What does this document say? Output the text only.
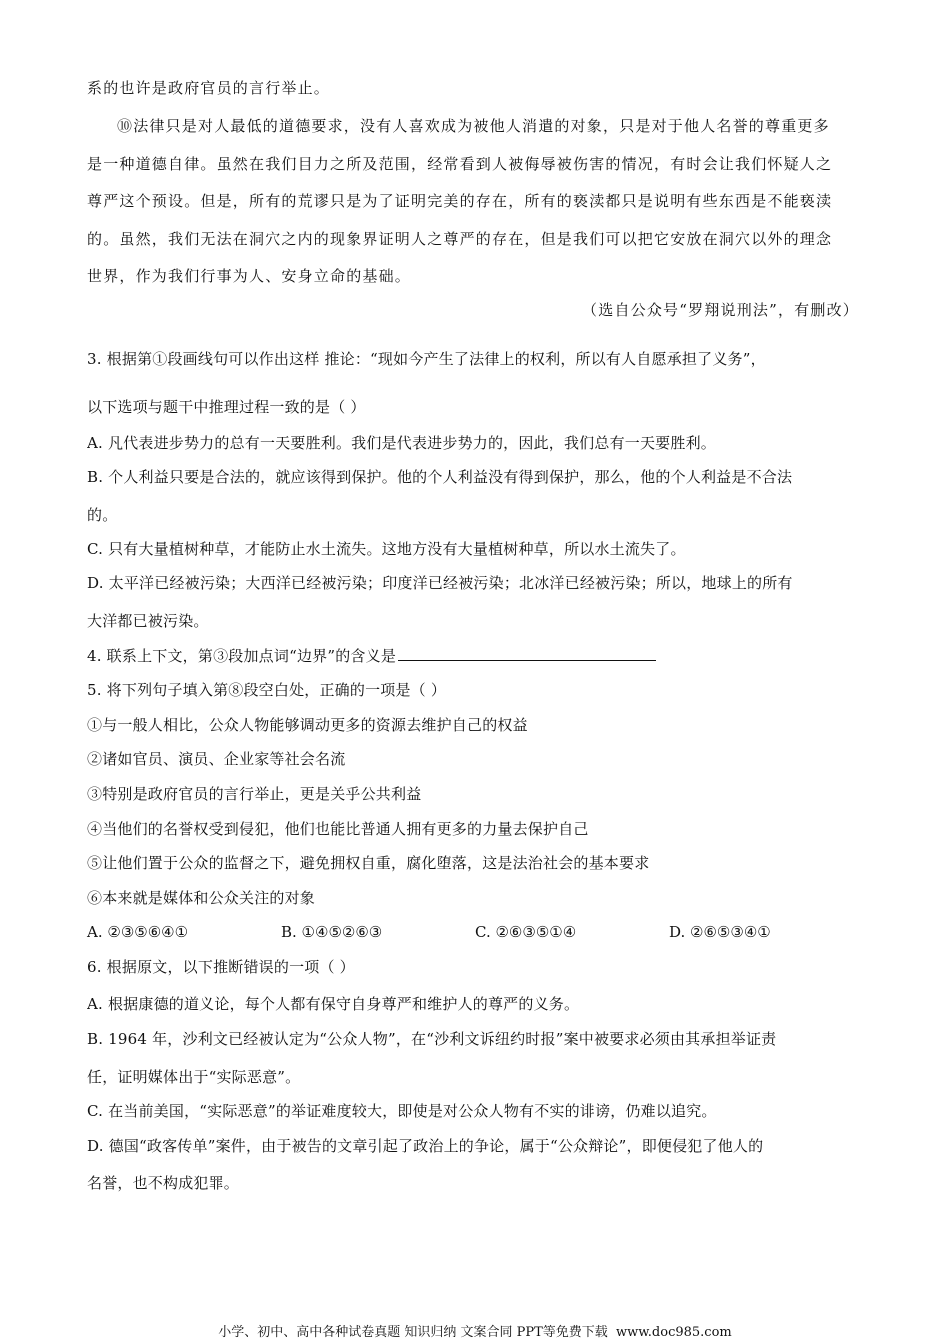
系的也许是政府官员的言行举止。
⑩法律只是对人最低的道德要求，没有人喜欢成为被他人消遣的对象，只是对于他人名誉的尊重更多
是一种道德自律。虽然在我们目力之所及范围，经常看到人被侮辱被伤害的情况，有时会让我们怀疑人之
尊严这个预设。但是，所有的荒谬只是为了证明完美的存在，所有的亵渎都只是说明有些东西是不能亵渎
的。虽然，我们无法在洞穴之内的现象界证明人之尊严的存在，但是我们可以把它安放在洞穴以外的理念
世界，作为我们行事为人、安身立命的基础。
（选自公众号“罗翔说刑法”，有删改）
3. 根据第①段画线句可以作出这样 推论：“现如今产生了法律上的权利，所以有人自愿承担了义务”，
以下选项与题干中推理过程一致的是（ ）
A. 凡代表进步势力的总有一天要胜利。我们是代表进步势力的，因此，我们总有一天要胜利。
B. 个人利益只要是合法的，就应该得到保护。他的个人利益没有得到保护，那么，他的个人利益是不合法
的。
C. 只有大量植树种草，才能防止水土流失。这地方没有大量植树种草，所以水土流失了。
D. 太平洋已经被污染；大西洋已经被污染；印度洋已经被污染；北冰洋已经被污染；所以，地球上的所有
大洋都已被污染。
4. 联系上下文，第③段加点词“边界”的含义是
5. 将下列句子填入第⑧段空白处，正确的一项是（ ）
①与一般人相比，公众人物能够调动更多的资源去维护自己的权益
②诸如官员、演员、企业家等社会名流
③特别是政府官员的言行举止，更是关乎公共利益
④当他们的名誉权受到侵犯，他们也能比普通人拥有更多的力量去保护自己
⑤让他们置于公众的监督之下，避免拥权自重，腐化堕落，这是法治社会的基本要求
⑥本来就是媒体和公众关注的对象
A. ②③⑤⑥④①	B. ①④⑤②⑥③	C. ②⑥③⑤①④	D. ②⑥⑤③④①
6. 根据原文，以下推断错误的一项（ ）
A. 根据康德的道义论，每个人都有保守自身尊严和维护人的尊严的义务。
B. 1964 年，沙利文已经被认定为“公众人物”，在“沙利文诉纽约时报”案中被要求必须由其承担举证责
任，证明媒体出于“实际恶意”。
C. 在当前美国，“实际恶意”的举证难度较大，即使是对公众人物有不实的诽谤，仍难以追究。
D. 德国“政客传单”案件，由于被告的文章引起了政治上的争论，属于“公众辩论”，即便侵犯了他人的
名誉，也不构成犯罪。
小学、初中、高中各种试卷真题 知识归纳 文案合同 PPT等免费下载 www.doc985.com
